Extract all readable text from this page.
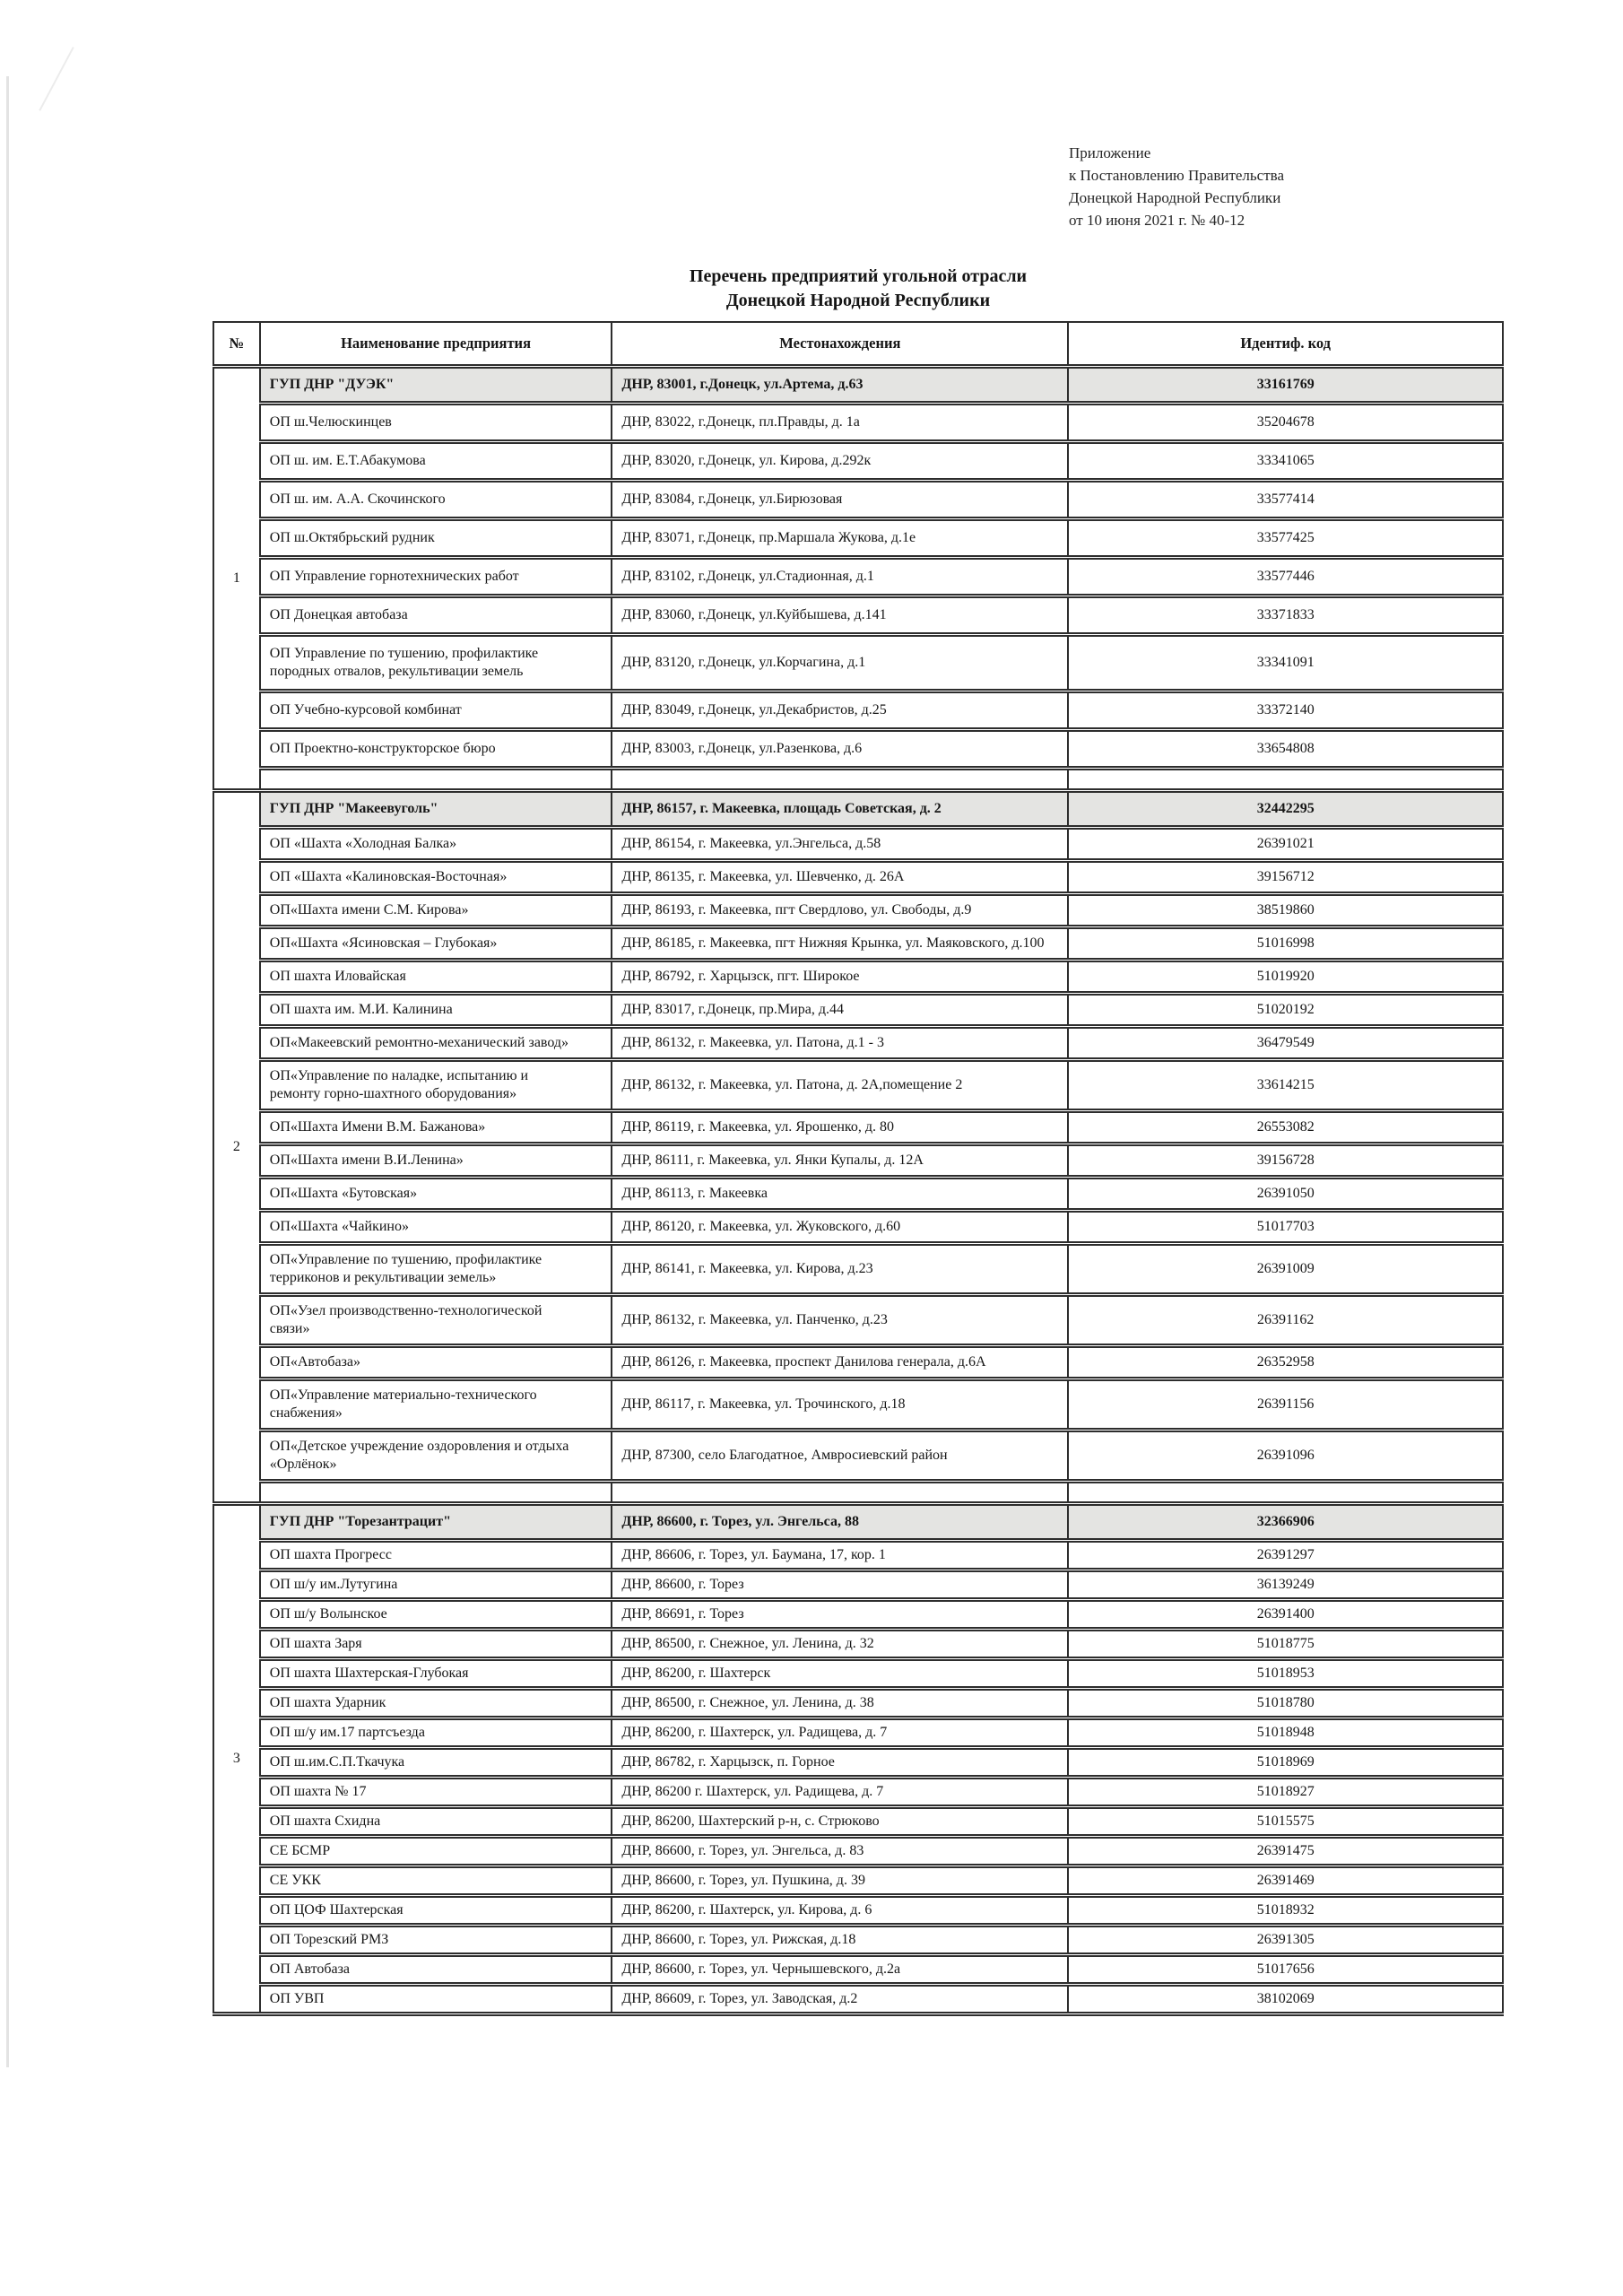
Приложение
к Постановлению Правительства
Донецкой Народной Республики
от 10 июня 2021 г. № 40-12
Перечень предприятий угольной отрасли
Донецкой Народной Республики
№	Наименование предприятия	Местонахождения	Идентиф. код
1	ГУП ДНР "ДУЭК"	ДНР, 83001, г.Донецк, ул.Артема, д.63	33161769
	ОП ш.Челюскинцев	ДНР, 83022, г.Донецк, пл.Правды, д. 1а	35204678
	ОП ш. им. Е.Т.Абакумова	ДНР, 83020, г.Донецк, ул. Кирова, д.292к	33341065
	ОП ш. им. А.А. Скочинского	ДНР, 83084, г.Донецк, ул.Бирюзовая	33577414
	ОП ш.Октябрьский рудник	ДНР, 83071, г.Донецк, пр.Маршала Жукова, д.1е	33577425
	ОП Управление горнотехнических работ	ДНР, 83102, г.Донецк, ул.Стадионная, д.1	33577446
	ОП Донецкая автобаза	ДНР, 83060, г.Донецк, ул.Куйбышева, д.141	33371833
	ОП Управление по тушению, профилактике породных отвалов, рекультивации земель	ДНР, 83120, г.Донецк, ул.Корчагина, д.1	33341091
	ОП Учебно-курсовой комбинат	ДНР, 83049, г.Донецк, ул.Декабристов, д.25	33372140
	ОП Проектно-конструкторское бюро	ДНР, 83003, г.Донецк, ул.Разенкова, д.6	33654808

2	ГУП ДНР "Макеевуголь"	ДНР, 86157, г. Макеевка, площадь Советская, д. 2	32442295
	ОП «Шахта «Холодная Балка»	ДНР, 86154, г. Макеевка, ул.Энгельса, д.58	26391021
	ОП «Шахта «Калиновская-Восточная»	ДНР, 86135, г. Макеевка, ул. Шевченко, д. 26А	39156712
	ОП«Шахта имени С.М. Кирова»	ДНР, 86193, г. Макеевка, пгт Свердлово, ул. Свободы, д.9	38519860
	ОП«Шахта «Ясиновская – Глубокая»	ДНР, 86185, г. Макеевка, пгт Нижняя Крынка, ул. Маяковского, д.100	51016998
	ОП шахта Иловайская	ДНР, 86792, г. Харцызск, пгт. Широкое	51019920
	ОП шахта им. М.И. Калинина	ДНР, 83017, г.Донецк, пр.Мира, д.44	51020192
	ОП«Макеевский ремонтно-механический завод»	ДНР, 86132, г. Макеевка, ул. Патона, д.1 - 3	36479549
	ОП«Управление по наладке, испытанию и ремонту горно-шахтного оборудования»	ДНР, 86132, г. Макеевка, ул. Патона, д. 2А,помещение 2	33614215
	ОП«Шахта Имени В.М. Бажанова»	ДНР, 86119, г. Макеевка, ул. Ярошенко, д. 80	26553082
	ОП«Шахта имени В.И.Ленина»	ДНР, 86111, г. Макеевка, ул. Янки Купалы, д. 12А	39156728
	ОП«Шахта «Бутовская»	ДНР, 86113, г. Макеевка	26391050
	ОП«Шахта «Чайкино»	ДНР, 86120, г. Макеевка, ул. Жуковского, д.60	51017703
	ОП«Управление по тушению, профилактике терриконов и рекультивации земель»	ДНР, 86141, г. Макеевка, ул. Кирова, д.23	26391009
	ОП«Узел производственно-технологической связи»	ДНР, 86132, г. Макеевка, ул. Панченко, д.23	26391162
	ОП«Автобаза»	ДНР, 86126, г. Макеевка, проспект Данилова генерала, д.6А	26352958
	ОП«Управление материально-технического снабжения»	ДНР, 86117, г. Макеевка, ул. Трочинского, д.18	26391156
	ОП«Детское учреждение оздоровления и отдыха «Орлёнок»	ДНР, 87300, село Благодатное, Амвросиевский район	26391096

3	ГУП ДНР "Торезантрацит"	ДНР, 86600, г. Торез, ул. Энгельса, 88	32366906
	ОП шахта Прогресс	ДНР, 86606, г. Торез, ул. Баумана, 17, кор. 1	26391297
	ОП ш/у им.Лутугина	ДНР, 86600, г. Торез	36139249
	ОП ш/у Волынское	ДНР, 86691, г. Торез	26391400
	ОП шахта Заря	ДНР, 86500, г. Снежное, ул. Ленина, д. 32	51018775
	ОП шахта Шахтерская-Глубокая	ДНР, 86200, г. Шахтерск	51018953
	ОП шахта Ударник	ДНР, 86500, г. Снежное, ул. Ленина, д. 38	51018780
	ОП ш/у им.17 партсъезда	ДНР, 86200, г. Шахтерск, ул. Радищева, д. 7	51018948
	ОП ш.им.С.П.Ткачука	ДНР, 86782, г. Харцызск, п. Горное	51018969
	ОП шахта № 17	ДНР, 86200 г. Шахтерск, ул. Радищева, д. 7	51018927
	ОП шахта Схидна	ДНР, 86200, Шахтерский р-н, с. Стрюково	51015575
	СЕ БСМР	ДНР, 86600, г. Торез, ул. Энгельса, д. 83	26391475
	СЕ УКК	ДНР, 86600, г. Торез, ул. Пушкина, д. 39	26391469
	ОП ЦОФ Шахтерская	ДНР, 86200, г. Шахтерск, ул. Кирова, д. 6	51018932
	ОП Торезский РМЗ	ДНР, 86600, г. Торез, ул. Рижская, д.18	26391305
	ОП Автобаза	ДНР, 86600, г. Торез, ул. Чернышевского, д.2а	51017656
	ОП УВП	ДНР, 86609, г. Торез, ул. Заводская, д.2	38102069
